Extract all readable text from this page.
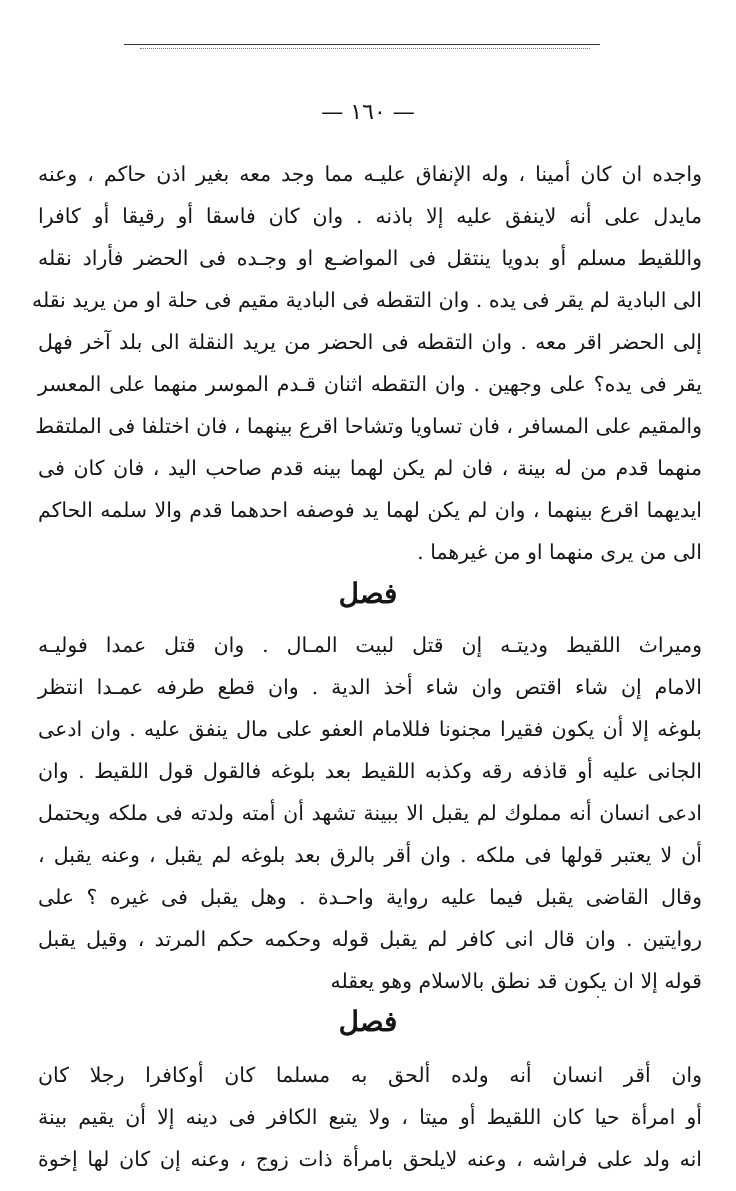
— ١٦٠ —
واجده ان كان أمينا ، وله الإنفاق عليـه مما وجد معه بغير اذن حاكم ، وعنه
مايدل على أنه لاينفق عليه إلا باذنه . وان كان فاسقا أو رقيقا أو كافرا
واللقيط مسلم أو بدويا ينتقل فى المواضـع او وجـده فى الحضر فأراد نقله
الى البادية لم يقر فى يده . وان التقطه فى البادية مقيم فى حلة او من يريد نقله
إلى الحضر اقر معه . وان التقطه فى الحضر من يريد النقلة الى بلد آخر فهل
يقر فى يده؟ على وجهين . وان التقطه اثنان قـدم الموسر منهما على المعسر
والمقيم على المسافر ، فان تساويا وتشاحا اقرع بينهما ، فان اختلفا فى الملتقط
منهما قدم من له بينة ، فان لم يكن لهما بينه قدم صاحب اليد ، فان كان فى
ايديهما اقرع بينهما ، وان لم يكن لهما يد فوصفه احدهما قدم والا سلمه الحاكم
الى من يرى منهما او من غيرهما .
فصل
وميراث اللقيط وديتـه إن قتل لبيت المـال . وان قتل عمدا فوليـه
الامام إن شاء اقتص وان شاء أخذ الدية . وان قطع طرفه عمـدا انتظر
بلوغه إلا أن يكون فقيرا مجنونا فللامام العفو على مال ينفق عليه . وان ادعى
الجانى عليه أو قاذفه رقه وكذبه اللقيط بعد بلوغه فالقول قول اللقيط . وان
ادعى انسان أنه مملوك لم يقبل الا ببينة تشهد أن أمته ولدته فى ملكه ويحتمل
أن لا يعتبر قولها فى ملكه . وان أقر بالرق بعد بلوغه لم يقبل ، وعنه يقبل ،
وقال القاضى يقبل فيما عليه رواية واحـدة . وهل يقبل فى غيره ؟ على
روايتين . وان قال انى كافر لم يقبل قوله وحكمه حكم المرتد ، وقيل يقبل
قوله إلا ان يكون قد نطق بالاسلام وهو يعقله
فصل
وان أقر انسان أنه ولده ألحق به مسلما كان أوكافرا رجلا كان
أو امرأة حيا كان اللقيط أو ميتا ، ولا يتبع الكافر فى دينه إلا أن يقيم بينة
انه ولد على فراشه ، وعنه لايلحق بامرأة ذات زوج ، وعنه إن كان لها إخوة
